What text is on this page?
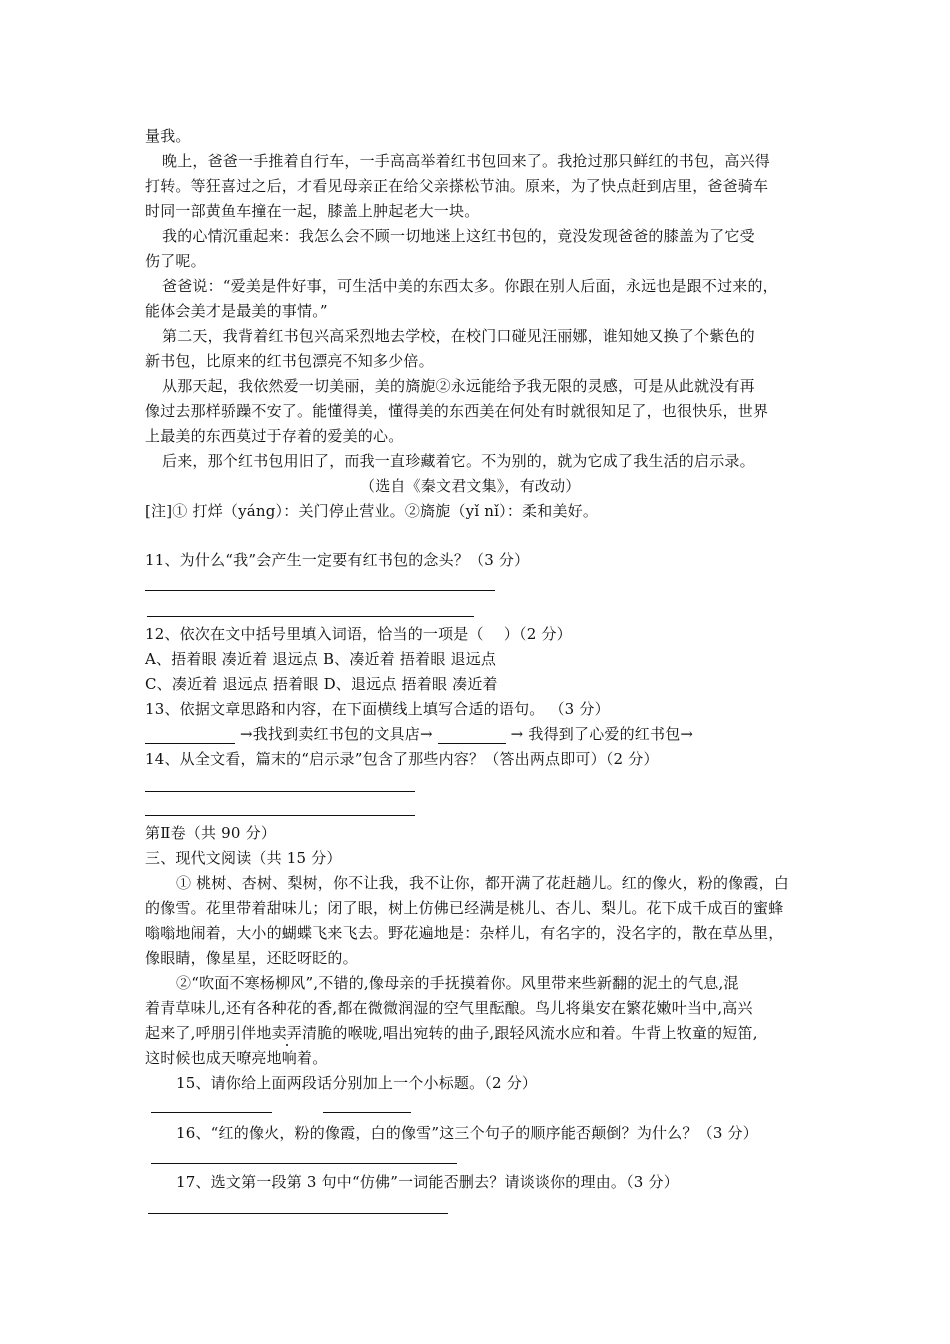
量我。
晚上，爸爸一手推着自行车，一手高高举着红书包回来了。我抢过那只鲜红的书包，高兴得
打转。等狂喜过之后，才看见母亲正在给父亲搽松节油。原来，为了快点赶到店里，爸爸骑车
时同一部黄鱼车撞在一起，膝盖上肿起老大一块。
我的心情沉重起来：我怎么会不顾一切地迷上这红书包的，竟没发现爸爸的膝盖为了它受
伤了呢。
爸爸说：“爱美是件好事，可生活中美的东西太多。你跟在别人后面，永远也是跟不过来的，
能体会美才是最美的事情。”
第二天，我背着红书包兴高采烈地去学校，在校门口碰见汪丽娜，谁知她又换了个紫色的
新书包，比原来的红书包漂亮不知多少倍。
从那天起，我依然爱一切美丽，美的旖旎②永远能给予我无限的灵感，可是从此就没有再
像过去那样骄躁不安了。能懂得美，懂得美的东西美在何处有时就很知足了，也很快乐，世界
上最美的东西莫过于存着的爱美的心。
后来，那个红书包用旧了，而我一直珍藏着它。不为别的，就为它成了我生活的启示录。
（选自《秦文君文集》，有改动）
[注]① 打烊（yáng）：关门停止营业。②旖旎（yǐ nǐ）：柔和美好。
11、为什么“我”会产生一定要有红书包的念头？（3 分）
12、依次在文中括号里填入词语，恰当的一项是（　 ）（2 分）
A、捂着眼 凑近着 退远点 B、凑近着 捂着眼 退远点
C、凑近着 退远点 捂着眼 D、退远点 捂着眼 凑近着
13、依据文章思路和内容，在下面横线上填写合适的语句。 （3 分）
→我找到卖红书包的文具店→	→ 我得到了心爱的红书包→
14、从全文看，篇末的“启示录”包含了那些内容？（答出两点即可）（2 分）
第Ⅱ卷（共 90 分）
三、现代文阅读（共 15 分）
① 桃树、杏树、梨树，你不让我，我不让你，都开满了花赶趟儿。红的像火，粉的像霞，白
的像雪。花里带着甜味儿；闭了眼，树上仿佛已经满是桃儿、杏儿、梨儿。花下成千成百的蜜蜂
嗡嗡地闹着，大小的蝴蝶飞来飞去。野花遍地是：杂样儿，有名字的，没名字的，散在草丛里，
像眼睛，像星星，还眨呀眨的。
②“吹面不寒杨柳风”,不错的,像母亲的手抚摸着你。风里带来些新翻的泥土的气息,混
着青草味儿,还有各种花的香,都在微微润湿的空气里酝酿。鸟儿将巢安在繁花嫩叶当中,高兴
起来了,呼朋引伴地卖弄清脆的喉咙,唱出宛转的曲子,跟轻风流水应和着。牛背上牧童的短笛,
这时候也成天嘹亮地响着。
15、请你给上面两段话分别加上一个小标题。（2 分）
16、“红的像火，粉的像霞，白的像雪”这三个句子的顺序能否颠倒？为什么？（3 分）
17、选文第一段第 3 句中“仿佛”一词能否删去？请谈谈你的理由。（3 分）
